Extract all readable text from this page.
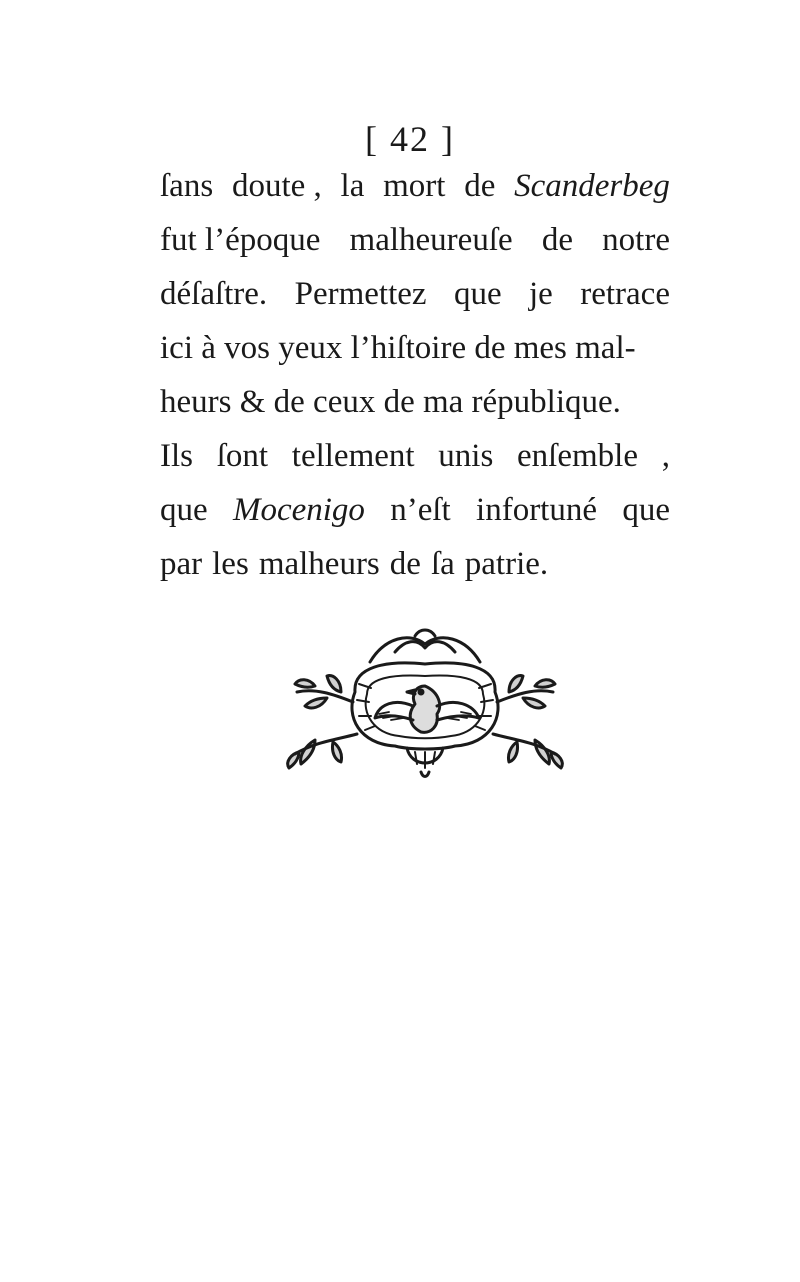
[ 42 ]
ſans doute , la mort de Scanderbeg
fut l’époque malheureuſe de notre
déſaſtre. Permettez que je retrace
ici à vos yeux l’hiſtoire de mes mal-
heurs & de ceux de ma république.
Ils ſont tellement unis enſemble ,
que Mocenigo n’eſt infortuné que
par les malheurs de ſa patrie.
